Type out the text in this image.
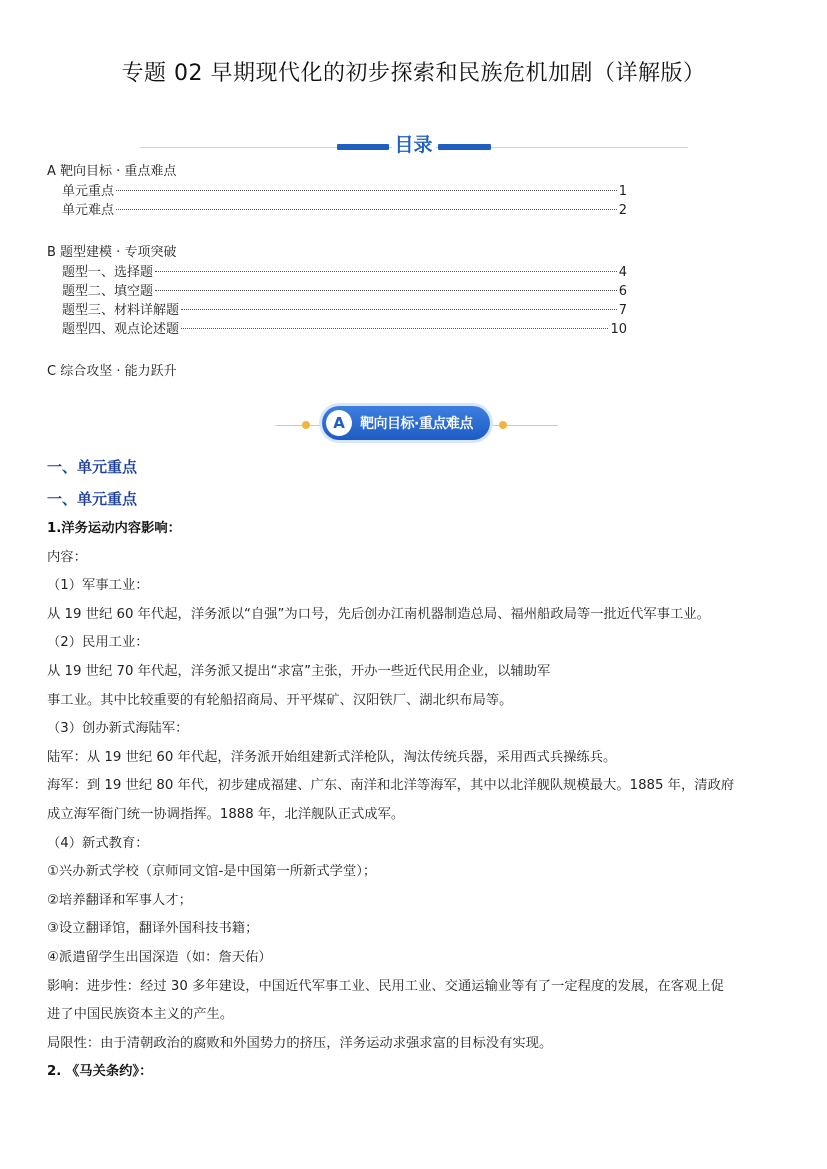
专题 02 早期现代化的初步探索和民族危机加剧（详解版）
目录
A 靶向目标 · 重点难点
单元重点	1
单元难点	2
B 题型建模 · 专项突破
题型一、选择题	4
题型二、填空题	6
题型三、材料详解题	7
题型四、观点论述题	10
C 综合攻坚 · 能力跃升
A	靶向目标·重点难点
一、单元重点
一、单元重点

1.洋务运动内容影响：

内容：

（1）军事工业：

从 19 世纪 60 年代起，洋务派以“自强”为口号，先后创办江南机器制造总局、福州船政局等一批近代军事工业。

（2）民用工业：

从 19 世纪 70 年代起，洋务派又提出“求富”主张，开办一些近代民用企业，以辅助军

事工业。其中比较重要的有轮船招商局、开平煤矿、汉阳铁厂、湖北织布局等。

（3）创办新式海陆军：

陆军：从 19 世纪 60 年代起，洋务派开始组建新式洋枪队，淘汰传统兵器，采用西式兵操练兵。

海军：到 19 世纪 80 年代，初步建成福建、广东、南洋和北洋等海军，其中以北洋舰队规模最大。1885 年，清政府

成立海军衙门统一协调指挥。1888 年，北洋舰队正式成军。

（4）新式教育：

①兴办新式学校（京师同文馆-是中国第一所新式学堂）；

②培养翻译和军事人才；

③设立翻译馆，翻译外国科技书籍；

④派遣留学生出国深造（如：詹天佑）

影响：进步性：经过 30 多年建设，中国近代军事工业、民用工业、交通运输业等有了一定程度的发展，在客观上促

进了中国民族资本主义的产生。

局限性：由于清朝政治的腐败和外国势力的挤压，洋务运动求强求富的目标没有实现。

2. 《马关条约》：
